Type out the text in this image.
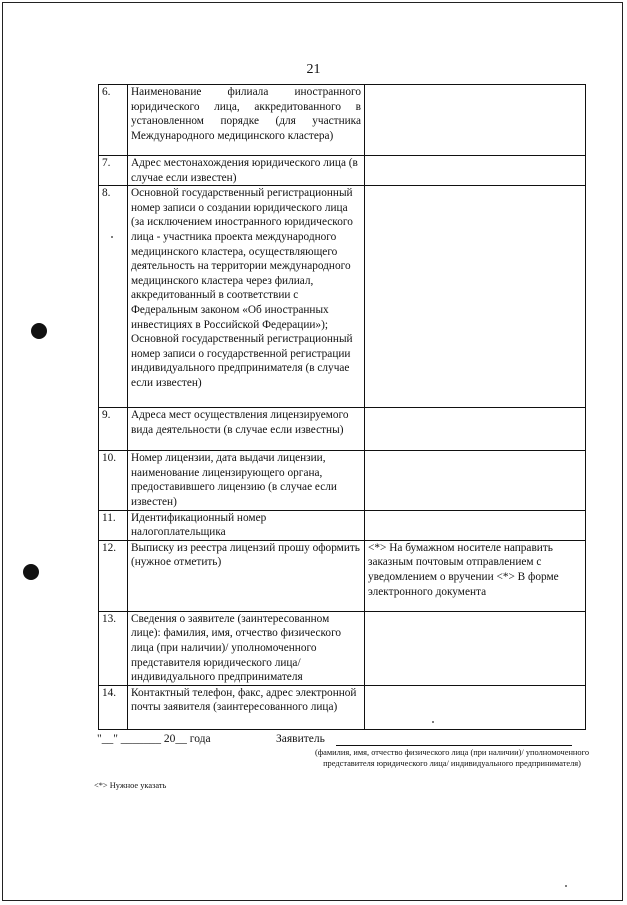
21
6.	Наименование филиала иностранного юридического лица, аккредитованного в установленном порядке (для участника Международного медицинского кластера)	
7.	Адрес местонахождения юридического лица (в случае если известен)	
8.	Основной государственный регистрационный номер записи о создании юридического лица (за исключением иностранного юридического лица - участника проекта международного медицинского кластера, осуществляющего деятельность на территории международного медицинского кластера через филиал, аккредитованный в соответствии с Федеральным законом «Об иностранных инвестициях в Российской Федерации»); Основной государственный регистрационный номер записи о государственной регистрации индивидуального предпринимателя (в случае если известен)	
9.	Адреса мест осуществления лицензируемого вида деятельности (в случае если известны)	
10.	Номер лицензии, дата выдачи лицензии, наименование лицензирующего органа, предоставившего лицензию (в случае если известен)	
11.	Идентификационный номер налогоплательщика	
12.	Выписку из реестра лицензий прошу оформить (нужное отметить)	<*> На бумажном носителе направить заказным почтовым отправлением с уведомлением о вручении <*> В форме электронного документа
13.	Сведения о заявителе (заинтересованном лице): фамилия, имя, отчество физического лица (при наличии)/ уполномоченного представителя юридического лица/индивидуального предпринимателя	
14.	Контактный телефон, факс, адрес электронной почты заявителя (заинтересованного лица)	
"__" _______ 20__ года	Заявитель
(фамилия, имя, отчество физического лица (при наличии)/ уполномоченного представителя юридического лица/ индивидуального предпринимателя)
<*> Нужное указать
